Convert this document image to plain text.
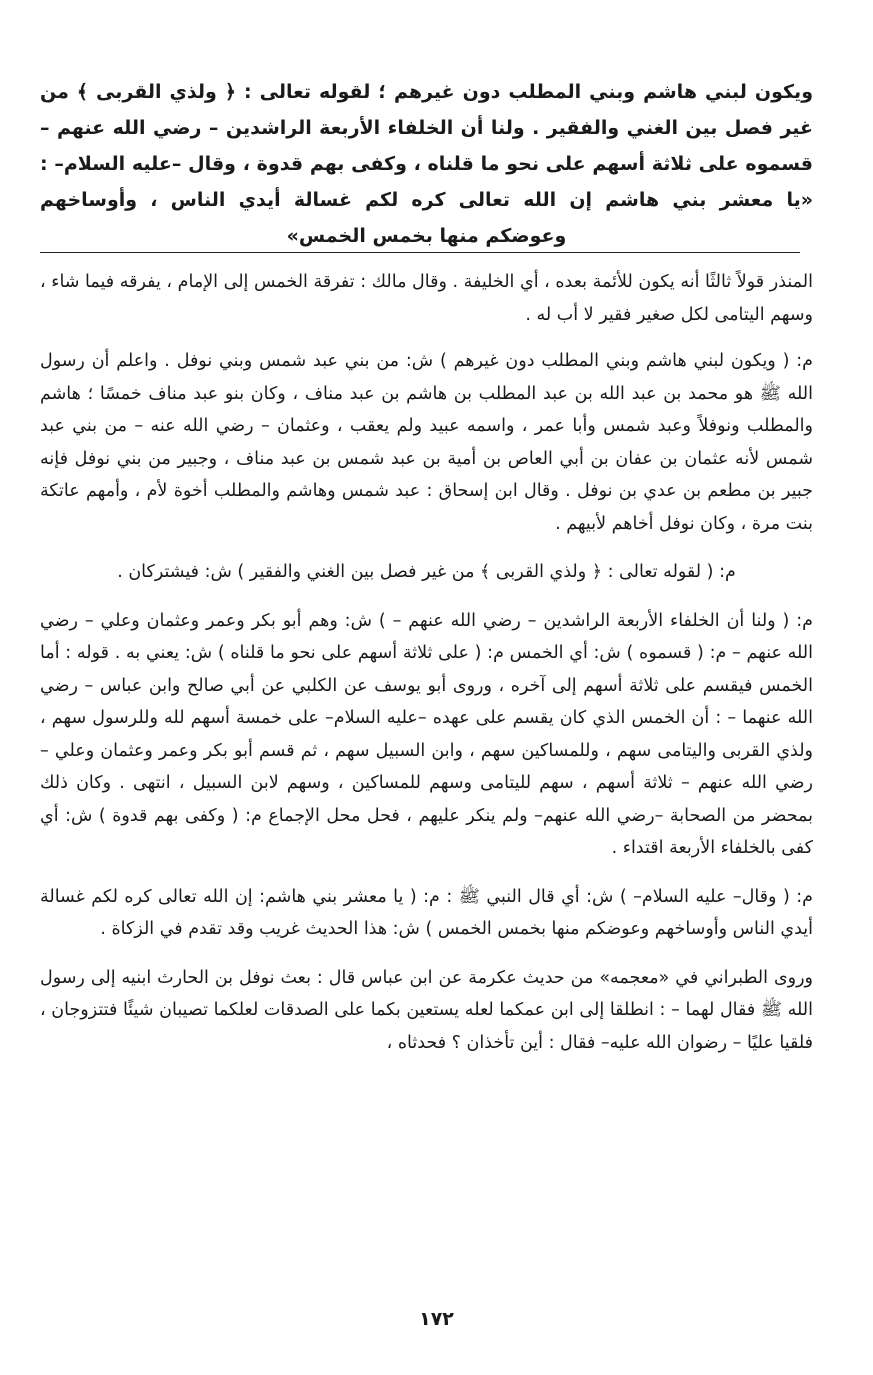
ويكون لبني هاشم وبني المطلب دون غيرهم ؛ لقوله تعالى : ﴿ ولذي القربى ﴾ من غير فصل بين الغني والفقير . ولنا أن الخلفاء الأربعة الراشدين – رضي الله عنهم – قسموه على ثلاثة أسهم على نحو ما قلناه ، وكفى بهم قدوة ، وقال –عليه السلام– : «يا معشر بني هاشم إن الله تعالى كره لكم غسالة أيدي الناس ، وأوساخهم وعوضكم منها بخمس الخمس»

المنذر قولاً ثالثًا أنه يكون للأئمة بعده ، أي الخليفة . وقال مالك : تفرقة الخمس إلى الإمام ، يفرقه فيما شاء ، وسهم اليتامى لكل صغير فقير لا أب له .

م: ( ويكون لبني هاشم وبني المطلب دون غيرهم ) ش: من بني عبد شمس وبني نوفل . واعلم أن رسول الله ﷺ هو محمد بن عبد الله بن عبد المطلب بن هاشم بن عبد مناف ، وكان بنو عبد مناف خمسًا ؛ هاشم والمطلب ونوفلاً وعبد شمس وأبا عمر ، واسمه عبيد ولم يعقب ، وعثمان – رضي الله عنه – من بني عبد شمس لأنه عثمان بن عفان بن أبي العاص بن أمية بن عبد شمس بن عبد مناف ، وجبير من بني نوفل فإنه جبير بن مطعم بن عدي بن نوفل . وقال ابن إسحاق : عبد شمس وهاشم والمطلب أخوة لأم ، وأمهم عاتكة بنت مرة ، وكان نوفل أخاهم لأبيهم .

م: ( لقوله تعالى : ﴿ ولذي القربى ﴾ من غير فصل بين الغني والفقير ) ش: فيشتركان .

م: ( ولنا أن الخلفاء الأربعة الراشدين – رضي الله عنهم – ) ش: وهم أبو بكر وعمر وعثمان وعلي – رضي الله عنهم – م: ( قسموه ) ش: أي الخمس م: ( على ثلاثة أسهم على نحو ما قلناه ) ش: يعني به . قوله : أما الخمس فيقسم على ثلاثة أسهم إلى آخره ، وروى أبو يوسف عن الكلبي عن أبي صالح وابن عباس – رضي الله عنهما – : أن الخمس الذي كان يقسم على عهده –عليه السلام– على خمسة أسهم لله وللرسول سهم ، ولذي القربى واليتامى سهم ، وللمساكين سهم ، وابن السبيل سهم ، ثم قسم أبو بكر وعمر وعثمان وعلي – رضي الله عنهم – ثلاثة أسهم ، سهم لليتامى وسهم للمساكين ، وسهم لابن السبيل ، انتهى . وكان ذلك بمحضر من الصحابة –رضي الله عنهم– ولم ينكر عليهم ، فحل محل الإجماع م: ( وكفى بهم قدوة ) ش: أي كفى بالخلفاء الأربعة اقتداء .

م: ( وقال– عليه السلام– ) ش: أي قال النبي ﷺ : م: ( يا معشر بني هاشم: إن الله تعالى كره لكم غسالة أيدي الناس وأوساخهم وعوضكم منها بخمس الخمس ) ش: هذا الحديث غريب وقد تقدم في الزكاة .

وروى الطبراني في «معجمه» من حديث عكرمة عن ابن عباس قال : بعث نوفل بن الحارث ابنيه إلى رسول الله ﷺ فقال لهما – : انطلقا إلى ابن عمكما لعله يستعين بكما على الصدقات لعلكما تصيبان شيئًا فتتزوجان ، فلقيا عليًا – رضوان الله عليه– فقال : أين تأخذان ؟ فحدثاه ،

١٧٢
